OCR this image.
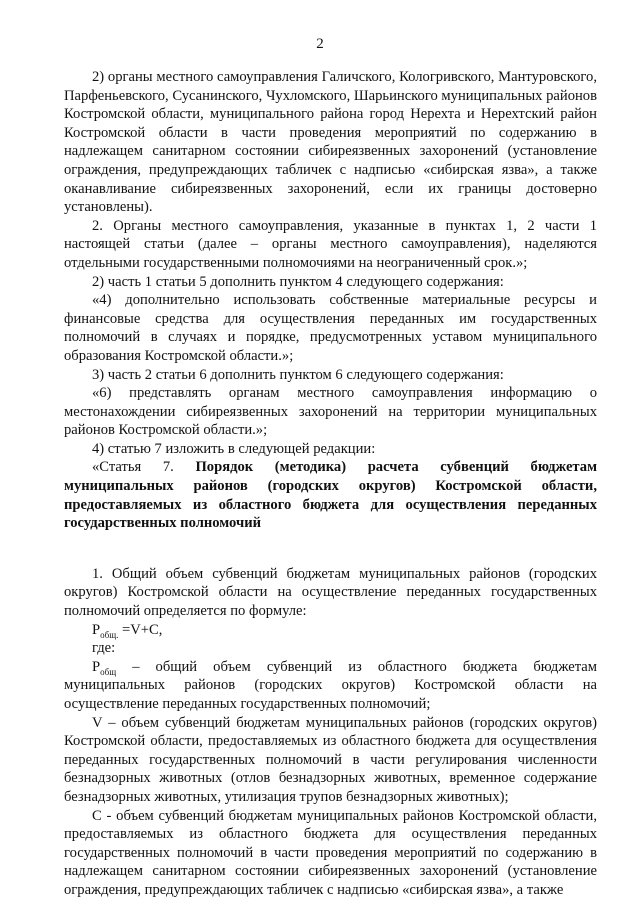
2

2) органы местного самоуправления Галичского, Кологривского, Мантуровского, Парфеньевского, Сусанинского, Чухломского, Шарьинского муниципальных районов Костромской области, муниципального района город Нерехта и Нерехтский район Костромской области в части проведения мероприятий по содержанию в надлежащем санитарном состоянии сибиреязвенных захоронений (установление ограждения, предупреждающих табличек с надписью «сибирская язва», а также оканавливание сибиреязвенных захоронений, если их границы достоверно установлены).

2. Органы местного самоуправления, указанные в пунктах 1, 2 части 1 настоящей статьи (далее – органы местного самоуправления), наделяются отдельными государственными полномочиями на неограниченный срок.»;

2) часть 1 статьи 5 дополнить пунктом 4 следующего содержания:

«4) дополнительно использовать собственные материальные ресурсы и финансовые средства для осуществления переданных им государственных полномочий в случаях и порядке, предусмотренных уставом муниципального образования Костромской области.»;

3) часть 2 статьи 6 дополнить пунктом 6 следующего содержания:

«6) представлять органам местного самоуправления информацию о местонахождении сибиреязвенных захоронений на территории муниципальных районов Костромской области.»;

4) статью 7 изложить в следующей редакции:

«Статья 7. Порядок (методика) расчета субвенций бюджетам муниципальных районов (городских округов) Костромской области, предоставляемых из областного бюджета для осуществления переданных государственных полномочий

1. Общий объем субвенций бюджетам муниципальных районов (городских округов) Костромской области на осуществление переданных государственных полномочий определяется по формуле:

$P_{общ.} =V+C$,

где:

$P_{общ}$ – общий объем субвенций из областного бюджета бюджетам муниципальных районов (городских округов) Костромской области на осуществление переданных государственных полномочий;

V – объем субвенций бюджетам муниципальных районов (городских округов) Костромской области, предоставляемых из областного бюджета для осуществления переданных государственных полномочий в части регулирования численности безнадзорных животных (отлов безнадзорных животных, временное содержание безнадзорных животных, утилизация трупов безнадзорных животных);

С - объем субвенций бюджетам муниципальных районов Костромской области, предоставляемых из областного бюджета для осуществления переданных государственных полномочий в части проведения мероприятий по содержанию в надлежащем санитарном состоянии сибиреязвенных захоронений (установление ограждения, предупреждающих табличек с надписью «сибирская язва», а также
